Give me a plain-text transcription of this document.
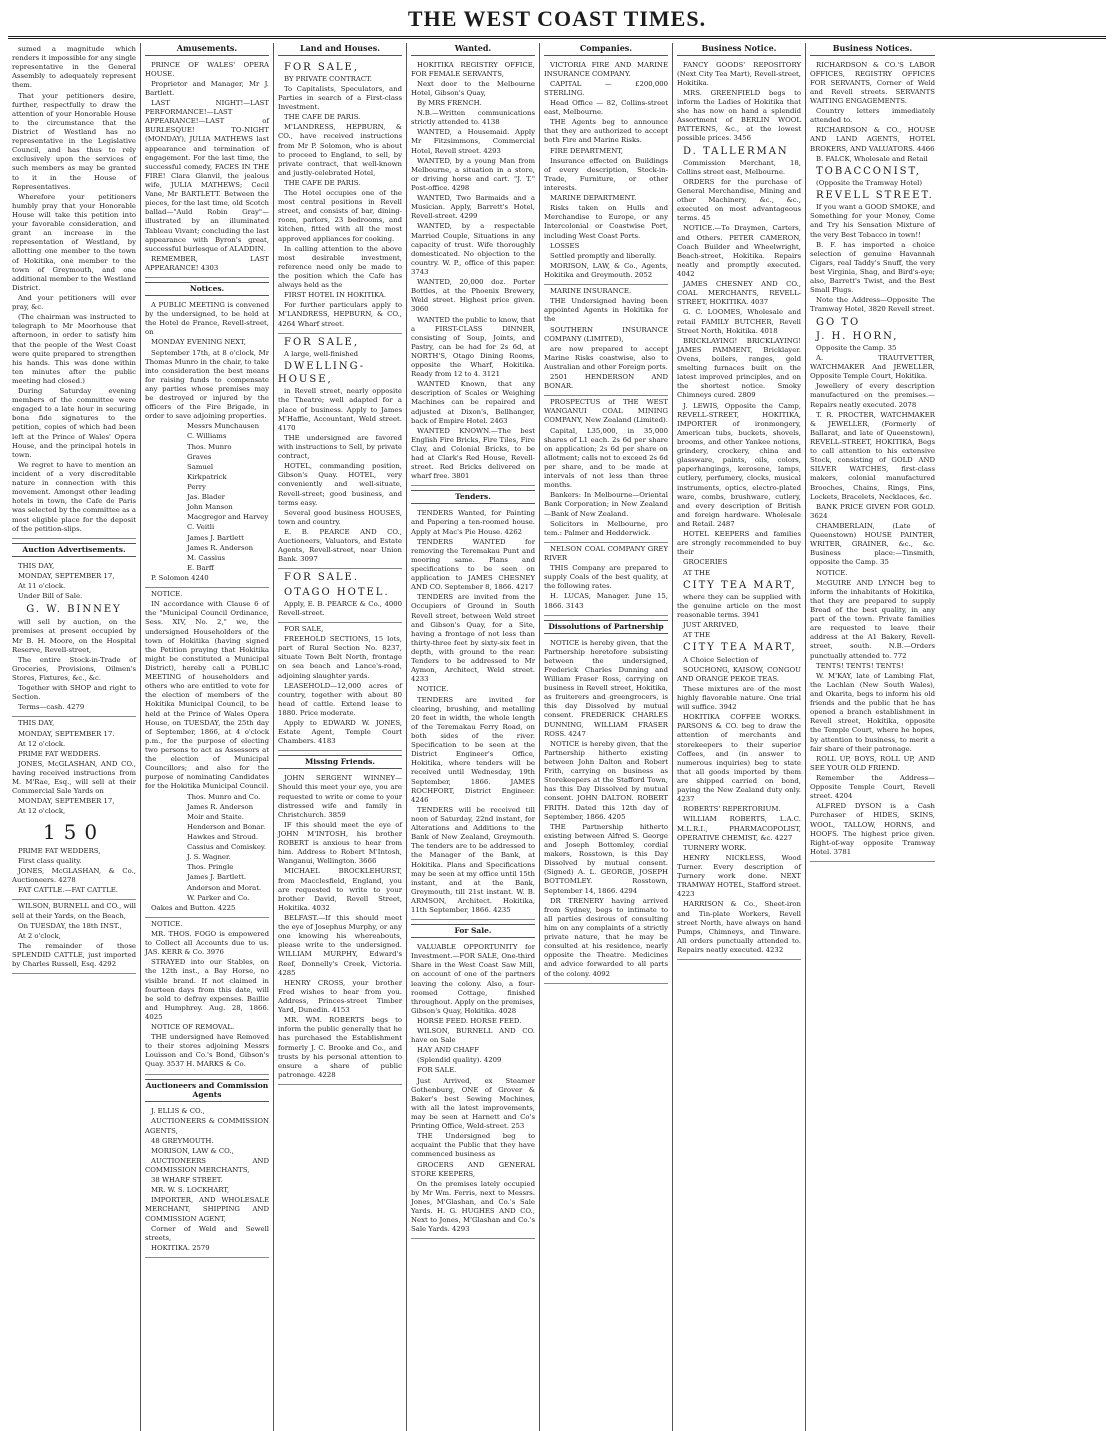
THE WEST COAST TIMES.

sumed a magnitude which renders it impossible for any single representative in the General Assembly to adequately represent them.

That your petitioners desire, further, respectfully to draw the attention of your Honorable House to the circumstance that the District of Westland has no representative in the Legislative Council, and has thus to rely exclusively upon the services of such members as may be granted to it in the House of Representatives.

Wherefore your petitioners humbly pray that your Honorable House will take this petition into your favorable consideration, and grant an increase in the representation of Westland, by allotting one member to the town of Hokitika, one member to the town of Greymouth, and one additional member to the Westland District.

And your petitioners will ever pray, &c.

(The chairman was instructed to telegraph to Mr Moorhouse that afternoon, in order to satisfy him that the people of the West Coast were quite prepared to strengthen his hands. This was done within ten minutes after the public meeting had closed.)

During Saturday evening members of the committee were engaged to a late hour in securing bona fide signatures to the petition, copies of which had been left at the Prince of Wales' Opera House, and the principal hotels in town.

We regret to have to mention an incident of a very discreditable nature in connection with this movement. Amongst other leading hotels in town, the Cafe de Paris was selected by the committee as a most eligible place for the deposit of the petition-slips.

Auction Advertisements.

THIS DAY,

MONDAY, SEPTEMBER 17,

At 11 o'clock.

Under Bill of Sale.

G. W. BINNEY

will sell by auction, on the premises at present occupied by Mr B. H. Moore, on the Hospital Reserve, Revell-street,

The entire Stock-in-Trade of Groceries, Provisions, Oilmen's Stores, Fixtures, &c., &c.

Together with SHOP and right to Section.

Terms—cash. 4279

THIS DAY,

MONDAY, SEPTEMBER 17.

At 12 o'clock.

PRIME FAT WEDDERS.

JONES, McGLASHAN, AND CO., having received instructions from M. M'Rae, Esq., will sell at their Commercial Sale Yards on

MONDAY, SEPTEMBER 17,

At 12 o'clock,

150

PRIME FAT WEDDERS,

First class quality.

JONES, McGLASHAN, & Co., Auctioneers. 4278

FAT CATTLE.—FAT CATTLE.

WILSON, BURNELL and CO., will sell at their Yards, on the Beach,

On TUESDAY, the 18th INST.,

At 2 o'clock,

The remainder of those SPLENDID CATTLE, just imported by Charles Russell, Esq. 4292

Amusements.

PRINCE OF WALES' OPERA HOUSE.

Proprietor and Manager, Mr J. Bartlett.

LAST NIGHT!—LAST PERFORMANCE!—LAST APPEARANCE!—LAST of BURLESQUE! TO-NIGHT (MONDAY), JULIA MATHEWS last appearance and termination of engagement. For the last time, the successful comedy, FACES IN THE FIRE! Clara Glanvil, the jealous wife, JULIA MATHEWS; Cecil Vane, Mr BARTLETT. Between the pieces, for the last time, old Scotch ballad—"Auld Robin Gray"—illustrated by an illuminated Tableau Vivant; concluding the last appearance with Byron's great, successful burlesque of ALADDIN.

REMEMBER, LAST APPEARANCE! 4303

Notices.

A PUBLIC MEETING is convened by the undersigned, to be held at the Hotel de France, Revell-street, on

MONDAY EVENING NEXT,

September 17th, at 8 o'clock, Mr Thomas Munro in the chair, to take into consideration the best means for raising funds to compensate any parties whose premises may be destroyed or injured by the officers of the Fire Brigade, in order to save adjoining properties.

Messrs Munchausen

C. Williams

Thos. Munro

Graves

Samuel

Kirkpatrick

Perry

Jas. Blader

John Manson

Macgregor and Harvey

C. Veitli

James J. Bartlett

James R. Anderson

M. Cassius

E. Barff

P. Solomon 4240

NOTICE.

IN accordance with Clause 6 of the "Municipal Council Ordinance, Sess. XIV, No. 2," we, the undersigned Householders of the town of Hokitika (having signed the Petition praying that Hokitika might be constituted a Municipal District), hereby call a PUBLIC MEETING of householders and others who are entitled to vote for the election of members of the Hokitika Municipal Council, to be held at the Prince of Wales Opera House, on TUESDAY, the 25th day of September, 1866, at 4 o'clock p.m., for the purpose of electing two persons to act as Assessors at the election of Municipal Councillors; and also for the purpose of nominating Candidates for the Hokitika Municipal Council.

Thos. Munro and Co.

James R. Anderson

Moir and Staite.

Henderson and Bonar.

Hawkes and Stroud.

Cassius and Comiskey.

J. S. Wagner.

Thos. Pringle

James J. Bartlett.

Anderson and Morat.

W. Parker and Co.

Oakes and Button. 4225

NOTICE.

MR. THOS. FOGO is empowered to Collect all Accounts due to us. JAS. KERR & Co. 3976

STRAYED into our Stables, on the 12th inst., a Bay Horse, no visible brand. If not claimed in fourteen days from this date, will be sold to defray expenses. Baillie and Humphrey. Aug. 28, 1866. 4025

NOTICE OF REMOVAL.

THE undersigned have Removed to their stores adjoining Messrs Louisson and Co.'s Bond, Gibson's Quay. 3537 H. MARKS & Co.

Auctioneers and Commission Agents

J. ELLIS & CO.,

AUCTIONEERS & COMMISSION AGENTS,

48 GREYMOUTH.

MORISON, LAW & CO.,

AUCTIONEERS AND COMMISSION MERCHANTS,

38 WHARF STREET.

MR. W. S. LOCKHART,

IMPORTER, AND WHOLESALE MERCHANT, SHIPPING AND COMMISSION AGENT,

Corner of Weld and Sewell streets,

HOKITIKA. 2579

Land and Houses.

FOR SALE,

BY PRIVATE CONTRACT.

To Capitalists, Speculators, and Parties in search of a First-class Investment.

THE CAFE DE PARIS.

M'LANDRESS, HEPBURN, & CO., have received instructions from Mr P. Solomon, who is about to proceed to England, to sell, by private contract, that well-known and justly-celebrated Hotel,

THE CAFE DE PARIS.

The Hotel occupies one of the most central positions in Revell street, and consists of bar, dining-room, parlors, 23 bedrooms, and kitchen, fitted with all the most approved appliances for cooking.

In calling attention to the above most desirable investment, reference need only be made to the position which the Cafe has always held as the

FIRST HOTEL IN HOKITIKA.

For further particulars apply to M'LANDRESS, HEPBURN, & CO., 4264 Wharf street.

FOR SALE,

A large, well-finished

DWELLING-HOUSE,

in Revell street, nearly opposite the Theatre; well adapted for a place of business. Apply to James M'Haffie, Accountant, Weld street. 4170

THE undersigned are favored with instructions to Sell, by private contract,

HOTEL, commanding position, Gibson's Quay. HOTEL, very conveniently and well-situate, Revell-street; good business, and terms easy.

Several good business HOUSES, town and country.

E. B. PEARCE AND CO., Auctioneers, Valuators, and Estate Agents, Revell-street, near Union Bank. 3097

FOR SALE.

OTAGO HOTEL.

Apply, E. B. PEARCE & Co., 4000 Revell-street.

FOR SALE,

FREEHOLD SECTIONS, 15 lots, part of Rural Section No. 8237, situate Town Belt North, frontage on sea beach and Lance's-road, adjoining slaughter yards.

LEASEHOLD—12,000 acres of country, together with about 80 head of cattle. Extend lease to 1880. Price moderate.

Apply to EDWARD W. JONES, Estate Agent, Temple Court Chambers. 4183

Missing Friends.

JOHN SERGENT WINNEY—Should this meet your eye, you are requested to write or come to your distressed wife and family in Christchurch. 3859

IF this should meet the eye of JOHN M'INTOSH, his brother ROBERT is anxious to hear from him. Address to Robert M'Intosh, Wanganui, Wellington. 3666

MICHAEL BROCKLEHURST, from Macclesfield, England, you are requested to write to your brother David, Revell Street, Hokitika. 4032

BELFAST.—If this should meet the eye of Josephus Murphy, or any one knowing his whereabouts, please write to the undersigned. WILLIAM MURPHY, Edward's Reef, Donnelly's Creek, Victoria. 4285

HENRY CROSS, your brother Fred wishes to hear from you. Address, Princes-street Timber Yard, Dunedin. 4153

MR. WM. ROBERTS begs to inform the public generally that he has purchased the Establishment formerly J. C. Brooke and Co., and trusts by his personal attention to ensure a share of public patronage. 4228

Wanted.

HOKITIKA REGISTRY OFFICE, FOR FEMALE SERVANTS,

Next door to the Melbourne Hotel, Gibson's Quay,

By MRS FRENCH.

N.B.—Written communications strictly attended to. 4138

WANTED, a Housemaid. Apply Mr Fitzsimmons, Commercial Hotel, Revell street. 4293

WANTED, by a young Man from Melbourne, a situation in a store, or driving horse and cart. "J. T." Post-office. 4298

WANTED, Two Barmaids and a Musician. Apply, Barrett's Hotel, Revell-street. 4299

WANTED, by a respectable Married Couple, Situations in any capacity of trust. Wife thoroughly domesticated. No objection to the country. W. P., office of this paper. 3743

WANTED, 20,000 doz. Porter Bottles, at the Phoenix Brewery, Weld street. Highest price given. 3060

WANTED the public to know, that a FIRST-CLASS DINNER, consisting of Soup, Joints, and Pastry, can be had for 2s 6d, at NORTH'S, Otago Dining Rooms, opposite the Wharf, Hokitika. Ready from 12 to 4. 3121

WANTED Known, that any description of Scales or Weighing Machines can be repaired and adjusted at Dixon's, Bellhanger, back of Empire Hotel. 2463

WANTED KNOWN.—The best English Fire Bricks, Fire Tiles, Fire Clay, and Colonial Bricks, to be had at Clark's Red House, Revell-street. Red Bricks delivered on wharf free. 3801

Tenders.

TENDERS Wanted, for Painting and Papering a ten-roomed house. Apply at Mac's Pie House. 4262

TENDERS WANTED for removing the Teremakau Punt and mooring same. Plans and specifications to be seen on application to JAMES CHESNEY AND CO. September 8, 1866. 4217

TENDERS are invited from the Occupiers of Ground in South Revell street, between Weld street and Gibson's Quay, for a Site, having a frontage of not less than thirty-three feet by sixty-six feet in depth, with ground to the rear. Tenders to be addressed to Mr Aymon, Architect, Weld street. 4233

NOTICE.

TENDERS are invited for clearing, brushing, and metalling 20 feet in width, the whole length of the Teremakau Ferry Road, on both sides of the river. Specification to be seen at the District Engineer's Office, Hokitika, where tenders will be received until Wednesday, 19th September, 1866. JAMES ROCHFORT, District Engineer. 4246

TENDERS will be received till noon of Saturday, 22nd instant, for Alterations and Additions to the Bank of New Zealand, Greymouth. The tenders are to be addressed to the Manager of the Bank, at Hokitika. Plans and Specifications may be seen at my office until 15th instant, and at the Bank, Greymouth, till 21st instant. W. B. ARMSON, Architect. Hokitika, 11th September, 1866. 4235

For Sale.

VALUABLE OPPORTUNITY for Investment.—FOR SALE, One-third Share in the West Coast Saw Mill, on account of one of the partners leaving the colony. Also, a four-roomed Cottage, finished throughout. Apply on the premises, Gibson's Quay, Hokitika. 4028

HORSE FEED. HORSE FEED.

WILSON, BURNELL AND CO. have on Sale

HAY AND CHAFF

(Splendid quality). 4209

FOR SALE.

Just Arrived, ex Steamer Gothenburg, ONE of Grover & Baker's best Sewing Machines, with all the latest improvements, may be seen at Harnett and Co's Printing Office, Weld-street. 253

THE Undersigned beg to acquaint the Public that they have commenced business as

GROCERS AND GENERAL STORE KEEPERS,

On the premises lately occupied by Mr Wm. Ferris, next to Messrs. Jones, M'Glashan, and Co.'s Sale Yards. H. G. HUGHES AND CO., Next to Jones, M'Glashan and Co.'s Sale Yards. 4293

Companies.

VICTORIA FIRE AND MARINE INSURANCE COMPANY.

CAPITAL — £200,000 STERLING.

Head Office — 82, Collins-street east, Melbourne.

THE Agents beg to announce that they are authorized to accept both Fire and Marine Risks.

FIRE DEPARTMENT,

Insurance effected on Buildings of every description, Stock-in-Trade, Furniture, or other interests.

MARINE DEPARTMENT.

Risks taken on Hulls and Merchandise to Europe, or any Intercolonial or Coastwise Port, including West Coast Ports.

LOSSES

Settled promptly and liberally.

MORISON, LAW, & Co., Agents, Hokitika and Greymouth. 2052

MARINE INSURANCE.

THE Undersigned having been appointed Agents in Hokitika for the

SOUTHERN INSURANCE COMPANY (LIMITED),

are now prepared to accept Marine Risks coastwise, also to Australian and other Foreign ports.

2501 HENDERSON AND BONAR.

PROSPECTUS of THE WEST WANGANUI COAL MINING COMPANY, New Zealand (Limited).

Capital, L35,000, in 35,000 shares of L1 each. 2s 6d per share on application; 2s 6d per share on allotment; calls not to exceed 2s 6d per share, and to be made at intervals of not less than three months.

Bankers: In Melbourne—Oriental Bank Corporation; in New Zealand—Bank of New Zealand.

Solicitors in Melbourne, pro tem.: Palmer and Hedderwick.

NELSON COAL COMPANY GREY RIVER

THIS Company are prepared to supply Coals of the best quality, at the following rates.

H. LUCAS, Manager. June 15, 1866. 3143

Dissolutions of Partnership

NOTICE is hereby given, that the Partnership heretofore subsisting between the undersigned, Frederick Charles Dunning and William Fraser Ross, carrying on business in Revell street, Hokitika, as fruiterers and greengrocers, is this day Dissolved by mutual consent. FREDERICK CHARLES DUNNING, WILLIAM FRASER ROSS. 4247

NOTICE is hereby given, that the Partnership hitherto existing between John Dalton and Robert Frith, carrying on business as Storekeepers at the Stafford Town, has this Day Dissolved by mutual consent. JOHN DALTON. ROBERT FRITH. Dated this 12th day of September, 1866. 4205

THE Partnership hitherto existing between Alfred S. George and Joseph Bottomley, cordial makers, Rosstown, is this Day Dissolved by mutual consent. (Signed) A. L. GEORGE, JOSEPH BOTTOMLEY. Rosstown, September 14, 1866. 4294

DR TRENERY having arrived from Sydney, begs to intimate to all parties desirous of consulting him on any complaints of a strictly private nature, that he may be consulted at his residence, nearly opposite the Theatre. Medicines and advice forwarded to all parts of the colony. 4092

Business Notice.

FANCY GOODS' REPOSITORY (Next City Tea Mart), Revell-street, Hokitika.

MRS. GREENFIELD begs to inform the Ladies of Hokitika that she has now on hand a splendid Assortment of BERLIN WOOL PATTERNS, &c., at the lowest possible prices. 3456

D. TALLERMAN

Commission Merchant, 18, Collins street east, Melbourne.

ORDERS for the purchase of General Merchandise, Mining and other Machinery, &c., &c., executed on most advantageous terms. 45

NOTICE.—To Draymen, Carters, and Others. PETER CAMERON, Coach Builder and Wheelwright, Beach-street, Hokitika. Repairs neatly and promptly executed. 4042

JAMES CHESNEY AND CO., COAL MERCHANTS, REVELL-STREET, HOKITIKA. 4037

G. C. LOOMES, Wholesale and retail FAMILY BUTCHER, Revell Street North, Hokitika. 4018

BRICKLAYING! BRICKLAYING! JAMES PAMMENT, Bricklayer. Ovens, boilers, ranges, gold smelting furnaces built on the latest improved principles, and on the shortest notice. Smoky Chimneys cured. 2809

J. LEWIS, Opposite the Camp, REVELL-STREET, HOKITIKA, IMPORTER of ironmongery, American tubs, buckets, shovels, brooms, and other Yankee notions, grindery, crockery, china and glassware, paints, oils, colors, paperhangings, kerosene, lamps, cutlery, perfumery, clocks, musical instruments, optics, electro-plated ware, combs, brushware, cutlery, and every description of British and foreign hardware. Wholesale and Retail. 2487

HOTEL KEEPERS and families are strongly recommended to buy their

GROCERIES

AT THE

CITY TEA MART,

where they can be supplied with the genuine article on the most reasonable terms. 3941

JUST ARRIVED,

AT THE

CITY TEA MART,

A Choice Selection of

SOUCHONG, KAISOW, CONGOU AND ORANGE PEKOE TEAS.

These mixtures are of the most highly flavorable nature. One trial will suffice. 3942

HOKITIKA COFFEE WORKS. PARSONS & CO. beg to draw the attention of merchants and storekeepers to their superior Coffees, and (in answer to numerous inquiries) beg to state that all goods imported by them are shipped carried on bond, paying the New Zealand duty only. 4237

ROBERTS' REPERTORIUM.

WILLIAM ROBERTS, L.A.C. M.L.R.I., PHARMACOPOLIST, OPERATIVE CHEMIST, &c. 4227

TURNERY WORK.

HENRY NICKLESS, Wood Turner. Every description of Turnery work done. NEXT TRAMWAY HOTEL, Stafford street. 4223

HARRISON & Co., Sheet-iron and Tin-plate Workers, Revell street North, have always on hand Pumps, Chimneys, and Tinware. All orders punctually attended to. Repairs neatly executed. 4232

Business Notices.

RICHARDSON & CO.'S LABOR OFFICES, REGISTRY OFFICES FOR SERVANTS, Corner of Weld and Revell streets. SERVANTS WAITING ENGAGEMENTS.

Country letters immediately attended to.

RICHARDSON & CO., HOUSE AND LAND AGENTS, HOTEL BROKERS, AND VALUATORS. 4466

B. FALCK, Wholesale and Retail

TOBACCONIST,

(Opposite the Tramway Hotel)

REVELL STREET.

If you want a GOOD SMOKE, and Something for your Money, Come and Try his Sensation Mixture of the very Best Tobacco in town!!

B. F. has imported a choice selection of genuine Havannah Cigars, real Taddy's Snuff, the very best Virginia, Shag, and Bird's-eye; also, Barrett's Twist, and the Best Small Plugs.

Note the Address—Opposite The Tramway Hotel, 3820 Revell street.

GO TO

J. H. HORN,

Opposite the Camp. 35

A. TRAUTVETTER, WATCHMAKER And JEWELLER, Opposite Temple Court, Hokitika.

Jewellery of every description manufactured on the premises.—Repairs neatly executed. 2078

T. R. PROCTER, WATCHMAKER & JEWELLER, (Formerly of Ballarat, and late of Queenstown), REVELL-STREET, HOKITIKA, Begs to call attention to his extensive Stock, consisting of GOLD AND SILVER WATCHES, first-class makers, colonial manufactured Brooches, Chains, Rings, Pins, Lockets, Bracelets, Necklaces, &c.

BANK PRICE GIVEN FOR GOLD. 3624

CHAMBERLAIN, (Late of Queenstown) HOUSE PAINTER, WRITER, GRAINER, &c., &c. Business place:—Tinsmith, opposite the Camp. 35

NOTICE.

McGUIRE AND LYNCH beg to inform the inhabitants of Hokitika, that they are prepared to supply Bread of the best quality, in any part of the town. Private families are requested to leave their address at the A1 Bakery, Revell-street, south. N.B.—Orders punctually attended to. 772

TENTS! TENTS! TENTS!

W. M'KAY, late of Lambing Flat, the Lachlan (New South Wales), and Okarita, begs to inform his old friends and the public that he has opened a branch establishment in Revell street, Hokitika, opposite the Temple Court, where he hopes, by attention to business, to merit a fair share of their patronage.

ROLL UP, BOYS, ROLL UP, AND SEE YOUR OLD FRIEND.

Remember the Address—Opposite Temple Court, Revell street. 4204

ALFRED DYSON is a Cash Purchaser of HIDES, SKINS, WOOL, TALLOW, HORNS, and HOOFS. The highest price given. Right-of-way opposite Tramway Hotel. 3781
